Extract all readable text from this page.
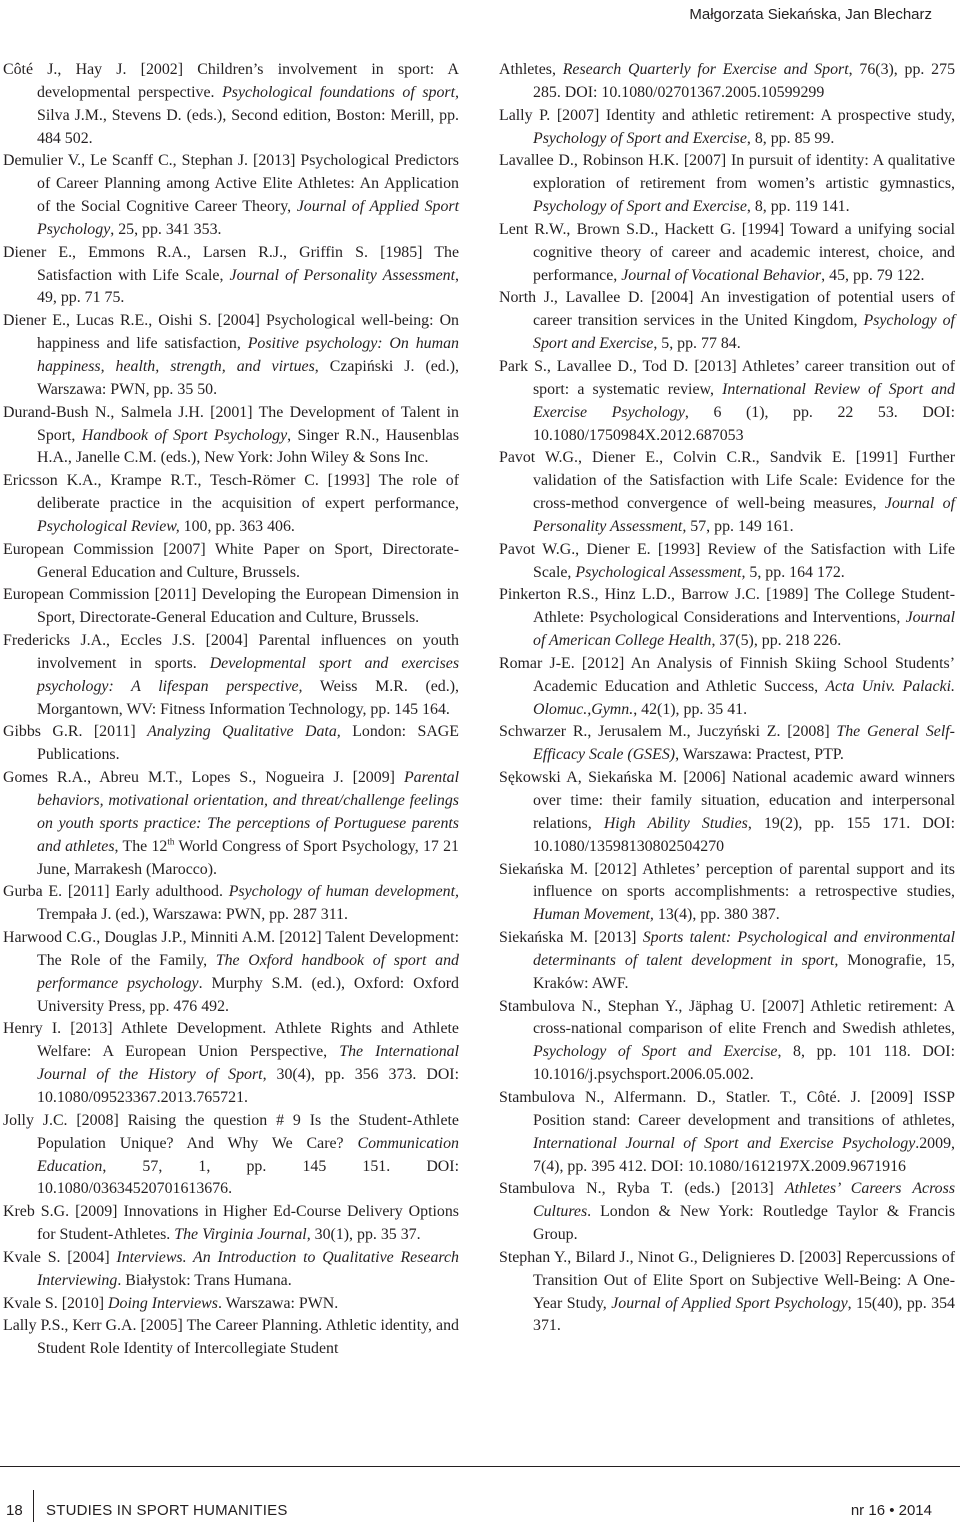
Małgorzata Siekańska, Jan Blecharz

Côté J., Hay J. [2002] Children’s involvement in sport: A developmental perspective. Psychological foundations of sport, Silva J.M., Stevens D. (eds.), Second edition, Boston: Merill, pp. 484 502.

Demulier V., Le Scanff C., Stephan J. [2013] Psychological Predictors of Career Planning among Active Elite Athletes: An Application of the Social Cognitive Career Theory, Journal of Applied Sport Psychology, 25, pp. 341 353.

Diener E., Emmons R.A., Larsen R.J., Griffin S. [1985] The Satisfaction with Life Scale, Journal of Personality Assessment, 49, pp. 71 75.

Diener E., Lucas R.E., Oishi S. [2004] Psychological well-being: On happiness and life satisfaction, Positive psychology: On human happiness, health, strength, and virtues, Czapiński J. (ed.), Warszawa: PWN, pp. 35 50.

Durand-Bush N., Salmela J.H. [2001] The Development of Talent in Sport, Handbook of Sport Psychology, Singer R.N., Hausenblas H.A., Janelle C.M. (eds.), New York: John Wiley & Sons Inc.

Ericsson K.A., Krampe R.T., Tesch-Römer C. [1993] The role of deliberate practice in the acquisition of expert performance, Psychological Review, 100, pp. 363 406.

European Commission [2007] White Paper on Sport, Directorate-General Education and Culture, Brussels.

European Commission [2011] Developing the European Dimension in Sport, Directorate-General Education and Culture, Brussels.

Fredericks J.A., Eccles J.S. [2004] Parental influences on youth involvement in sports. Developmental sport and exercises psychology: A lifespan perspective, Weiss M.R. (ed.), Morgantown, WV: Fitness Information Technology, pp. 145 164.

Gibbs G.R. [2011] Analyzing Qualitative Data, London: SAGE Publications.

Gomes R.A., Abreu M.T., Lopes S., Nogueira J. [2009] Parental behaviors, motivational orientation, and threat/challenge feelings on youth sports practice: The perceptions of Portuguese parents and athletes, The 12th World Congress of Sport Psychology, 17 21 June, Marrakesh (Marocco).

Gurba E. [2011] Early adulthood. Psychology of human development, Trempała J. (ed.), Warszawa: PWN, pp. 287 311.

Harwood C.G., Douglas J.P., Minniti A.M. [2012] Talent Development: The Role of the Family, The Oxford handbook of sport and performance psychology. Murphy S.M. (ed.), Oxford: Oxford University Press, pp. 476 492.

Henry I. [2013] Athlete Development. Athlete Rights and Athlete Welfare: A European Union Perspective, The International Journal of the History of Sport, 30(4), pp. 356 373. DOI: 10.1080/09523367.2013.765721.

Jolly J.C. [2008] Raising the question # 9 Is the Student-Athlete Population Unique? And Why We Care? Communication Education, 57, 1, pp. 145 151. DOI: 10.1080/03634520701613676.

Kreb S.G. [2009] Innovations in Higher Ed-Course Delivery Options for Student-Athletes. The Virginia Journal, 30(1), pp. 35 37.

Kvale S. [2004] Interviews. An Introduction to Qualitative Research Interviewing. Białystok: Trans Humana.

Kvale S. [2010] Doing Interviews. Warszawa: PWN.

Lally P.S., Kerr G.A. [2005] The Career Planning. Athletic identity, and Student Role Identity of Intercollegiate Student

Athletes, Research Quarterly for Exercise and Sport, 76(3), pp. 275 285. DOI: 10.1080/02701367.2005.10599299

Lally P. [2007] Identity and athletic retirement: A prospective study, Psychology of Sport and Exercise, 8, pp. 85 99.

Lavallee D., Robinson H.K. [2007] In pursuit of identity: A qualitative exploration of retirement from women’s artistic gymnastics, Psychology of Sport and Exercise, 8, pp. 119 141.

Lent R.W., Brown S.D., Hackett G. [1994] Toward a unifying social cognitive theory of career and academic interest, choice, and performance, Journal of Vocational Behavior, 45, pp. 79 122.

North J., Lavallee D. [2004] An investigation of potential users of career transition services in the United Kingdom, Psychology of Sport and Exercise, 5, pp. 77 84.

Park S., Lavallee D., Tod D. [2013] Athletes’ career transition out of sport: a systematic review, International Review of Sport and Exercise Psychology, 6 (1), pp. 22 53. DOI: 10.1080/1750984X.2012.687053

Pavot W.G., Diener E., Colvin C.R., Sandvik E. [1991] Further validation of the Satisfaction with Life Scale: Evidence for the cross-method convergence of well-being measures, Journal of Personality Assessment, 57, pp. 149 161.

Pavot W.G., Diener E. [1993] Review of the Satisfaction with Life Scale, Psychological Assessment, 5, pp. 164 172.

Pinkerton R.S., Hinz L.D., Barrow J.C. [1989] The College Student-Athlete: Psychological Considerations and Interventions, Journal of American College Health, 37(5), pp. 218 226.

Romar J-E. [2012] An Analysis of Finnish Skiing School Students’ Academic Education and Athletic Success, Acta Univ. Palacki. Olomuc.,Gymn., 42(1), pp. 35 41.

Schwarzer R., Jerusalem M., Juczyński Z. [2008] The General Self-Efficacy Scale (GSES), Warszawa: Practest, PTP.

Sękowski A, Siekańska M. [2006] National academic award winners over time: their family situation, education and interpersonal relations, High Ability Studies, 19(2), pp. 155 171. DOI: 10.1080/13598130802504270

Siekańska M. [2012] Athletes’ perception of parental support and its influence on sports accomplishments: a retrospective studies, Human Movement, 13(4), pp. 380 387.

Siekańska M. [2013] Sports talent: Psychological and environmental determinants of talent development in sport, Monografie, 15, Kraków: AWF.

Stambulova N., Stephan Y., Jäphag U. [2007] Athletic retirement: A cross-national comparison of elite French and Swedish athletes, Psychology of Sport and Exercise, 8, pp. 101 118. DOI: 10.1016/j.psychsport.2006.05.002.

Stambulova N., Alfermann. D., Statler. T., Côté. J. [2009] ISSP Position stand: Career development and transitions of athletes, International Journal of Sport and Exercise Psychology.2009, 7(4), pp. 395 412. DOI: 10.1080/1612197X.2009.9671916

Stambulova N., Ryba T. (eds.) [2013] Athletes’ Careers Across Cultures. London & New York: Routledge Taylor & Francis Group.

Stephan Y., Bilard J., Ninot G., Delignieres D. [2003] Repercussions of Transition Out of Elite Sport on Subjective Well-Being: A One-Year Study, Journal of Applied Sport Psychology, 15(40), pp. 354 371.

18 STUDIES IN SPORT HUMANITIES	nr 16 • 2014
